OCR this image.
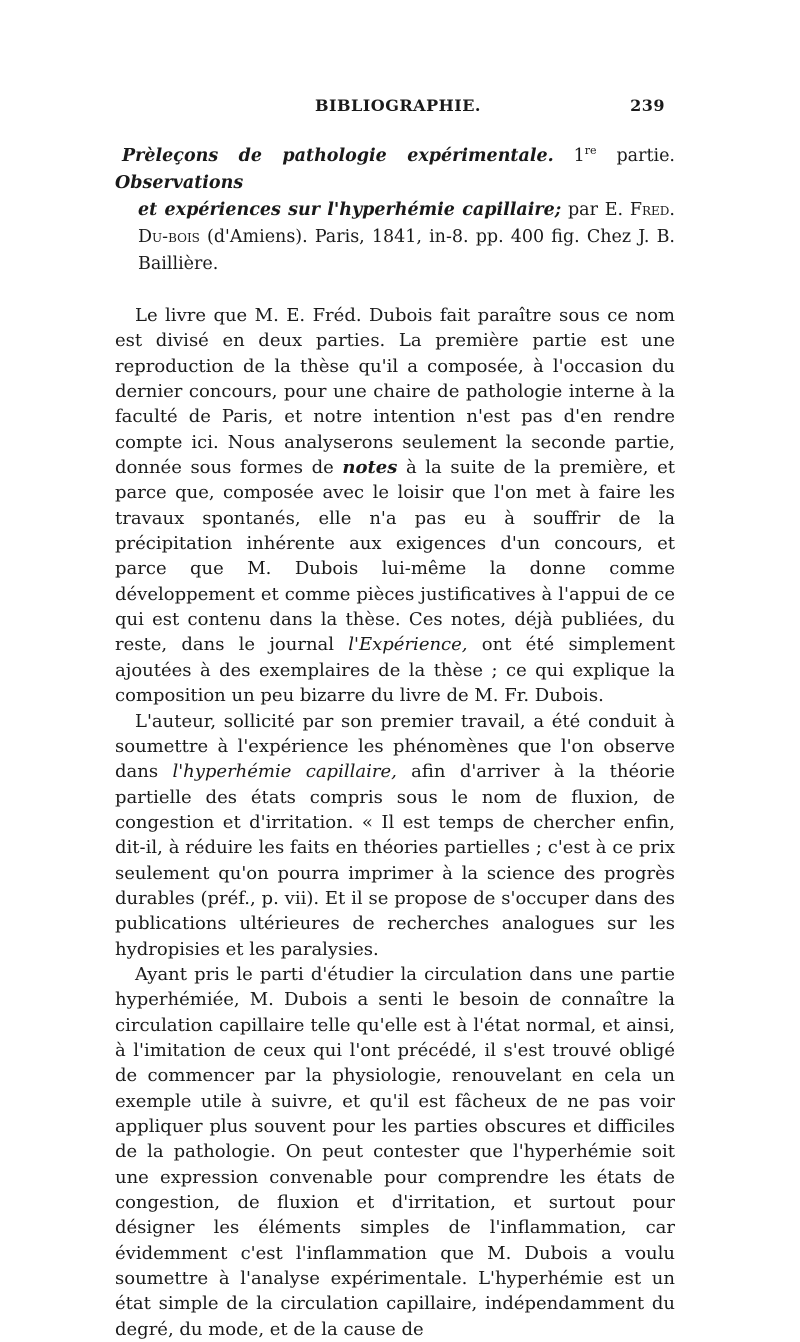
BIBLIOGRAPHIE.	239
Prèleçons de pathologie expérimentale. 1re partie. Observations
et expériences sur l'hyperhémie capillaire; par E. Fred. Du-bois (d'Amiens). Paris, 1841, in-8. pp. 400 fig. Chez J. B. Baillière.

Le livre que M. E. Fréd. Dubois fait paraître sous ce nom est divisé en deux parties. La première partie est une reproduction de la thèse qu'il a composée, à l'occasion du dernier concours, pour une chaire de pathologie interne à la faculté de Paris, et notre intention n'est pas d'en rendre compte ici. Nous analyserons seulement la seconde partie, donnée sous formes de notes à la suite de la première, et parce que, composée avec le loisir que l'on met à faire les travaux spontanés, elle n'a pas eu à souffrir de la précipitation inhérente aux exigences d'un concours, et parce que M. Dubois lui-même la donne comme développement et comme pièces justificatives à l'appui de ce qui est contenu dans la thèse. Ces notes, déjà publiées, du reste, dans le journal l'Expérience, ont été simplement ajoutées à des exemplaires de la thèse ; ce qui explique la composition un peu bizarre du livre de M. Fr. Dubois.

L'auteur, sollicité par son premier travail, a été conduit à soumettre à l'expérience les phénomènes que l'on observe dans l'hyperhémie capillaire, afin d'arriver à la théorie partielle des états compris sous le nom de fluxion, de congestion et d'irritation. « Il est temps de chercher enfin, dit-il, à réduire les faits en théories partielles ; c'est à ce prix seulement qu'on pourra imprimer à la science des progrès durables (préf., p. vii). Et il se propose de s'occuper dans des publications ultérieures de recherches analogues sur les hydropisies et les paralysies.

Ayant pris le parti d'étudier la circulation dans une partie hyperhémiée, M. Dubois a senti le besoin de connaître la circulation capillaire telle qu'elle est à l'état normal, et ainsi, à l'imitation de ceux qui l'ont précédé, il s'est trouvé obligé de commencer par la physiologie, renouvelant en cela un exemple utile à suivre, et qu'il est fâcheux de ne pas voir appliquer plus souvent pour les parties obscures et difficiles de la pathologie. On peut contester que l'hyperhémie soit une expression convenable pour comprendre les états de congestion, de fluxion et d'irritation, et surtout pour désigner les éléments simples de l'inflammation, car évidemment c'est l'inflammation que M. Dubois a voulu soumettre à l'analyse expérimentale. L'hyperhémie est un état simple de la circulation capillaire, indépendamment du degré, du mode, et de la cause de
